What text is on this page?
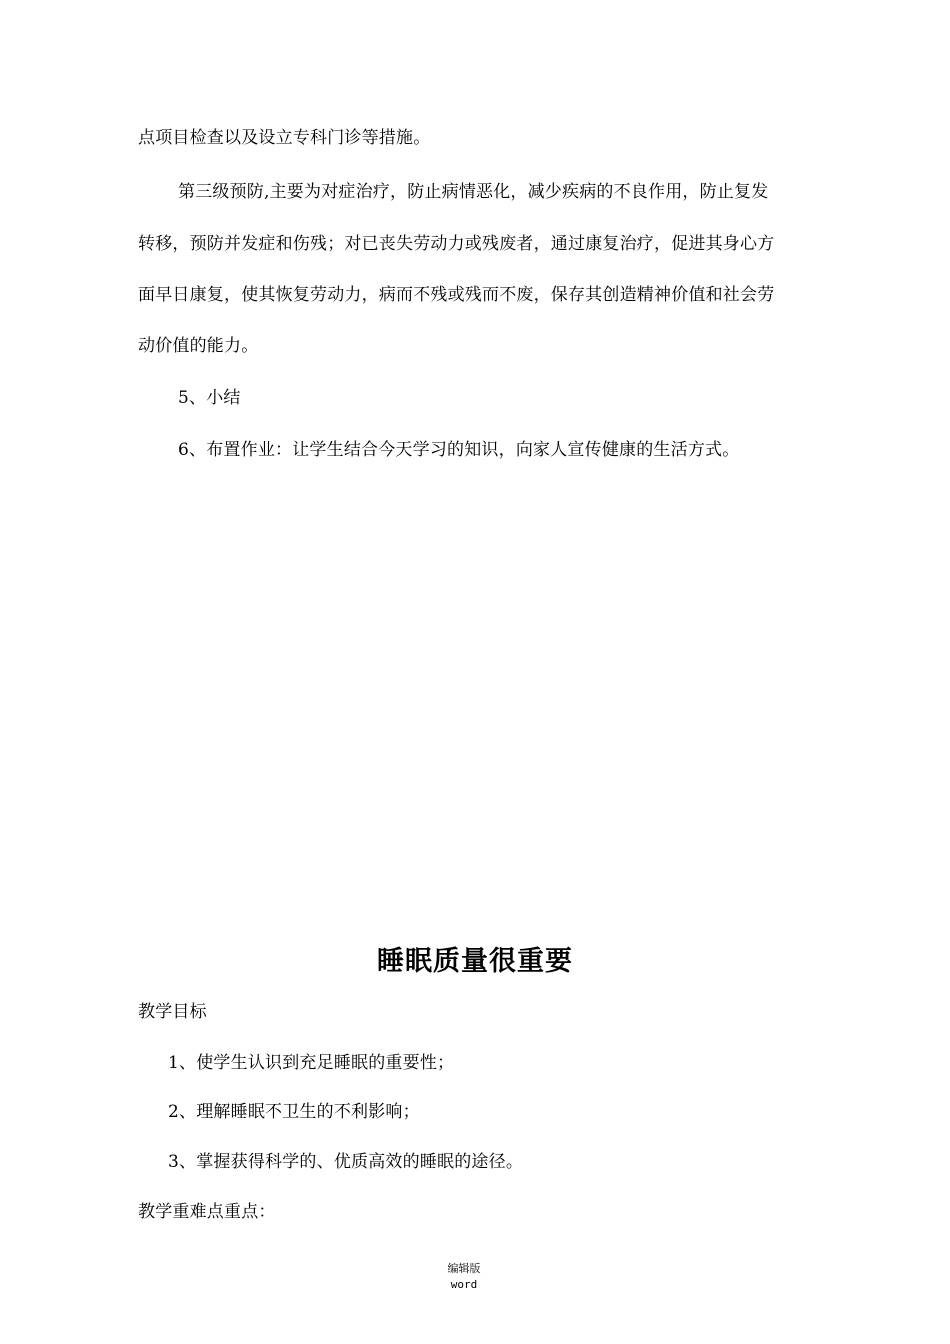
点项目检查以及设立专科门诊等措施。
第三级预防,主要为对症治疗，防止病情恶化，减少疾病的不良作用，防止复发
转移，预防并发症和伤残；对已丧失劳动力或残废者，通过康复治疗，促进其身心方
面早日康复，使其恢复劳动力，病而不残或残而不废，保存其创造精神价值和社会劳
动价值的能力。
5、小结
6、布置作业：让学生结合今天学习的知识，向家人宣传健康的生活方式。
睡眠质量很重要
教学目标
1、使学生认识到充足睡眠的重要性；
2、理解睡眠不卫生的不利影响；
3、掌握获得科学的、优质高效的睡眠的途径。
教学重难点重点：
编辑版
word
